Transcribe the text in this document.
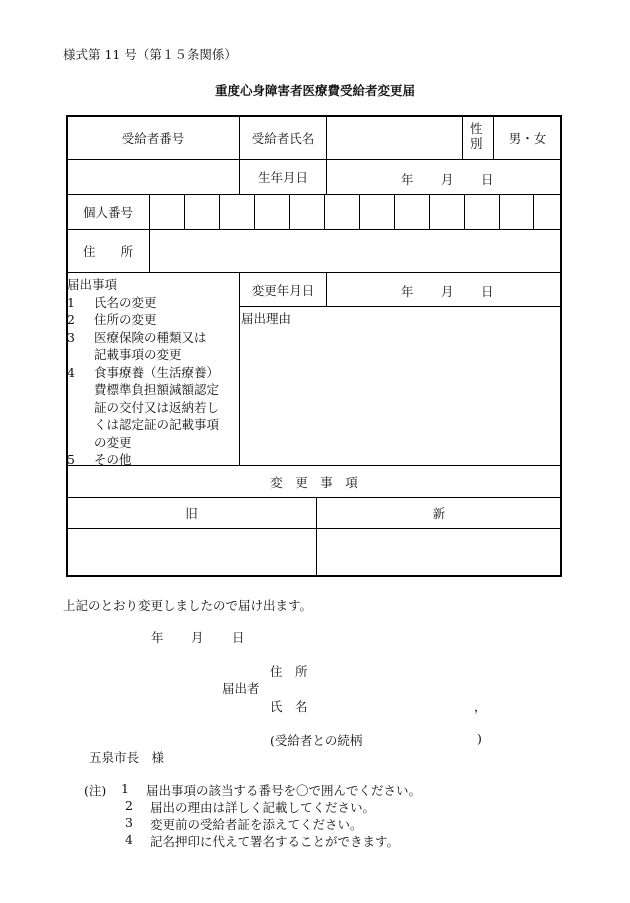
様式第 11 号（第１５条関係）
重度心身障害者医療費受給者変更届
受給者番号	受給者氏名
性
別	男・女
生年月日	年 月 日
個人番号
住　　所
届出事項
1	氏名の変更
2	住所の変更
3	医療保険の種類又は
記載事項の変更
4	食事療養（生活療養）
費標準負担額減額認定
証の交付又は返納若し
くは認定証の記載事項
の変更
5	その他
変更年月日	年 月 日
届出理由
変　更　事　項
旧	新
上記のとおり変更しましたので届け出ます。
年 月 日
住　所
届出者
氏　名	，
(受給者との続柄	)
五泉市長　様
(注) 1 届出事項の該当する番号を〇で囲んでください。
2 届出の理由は詳しく記載してください。
3 変更前の受給者証を添えてください。
4 記名押印に代えて署名することができます。
